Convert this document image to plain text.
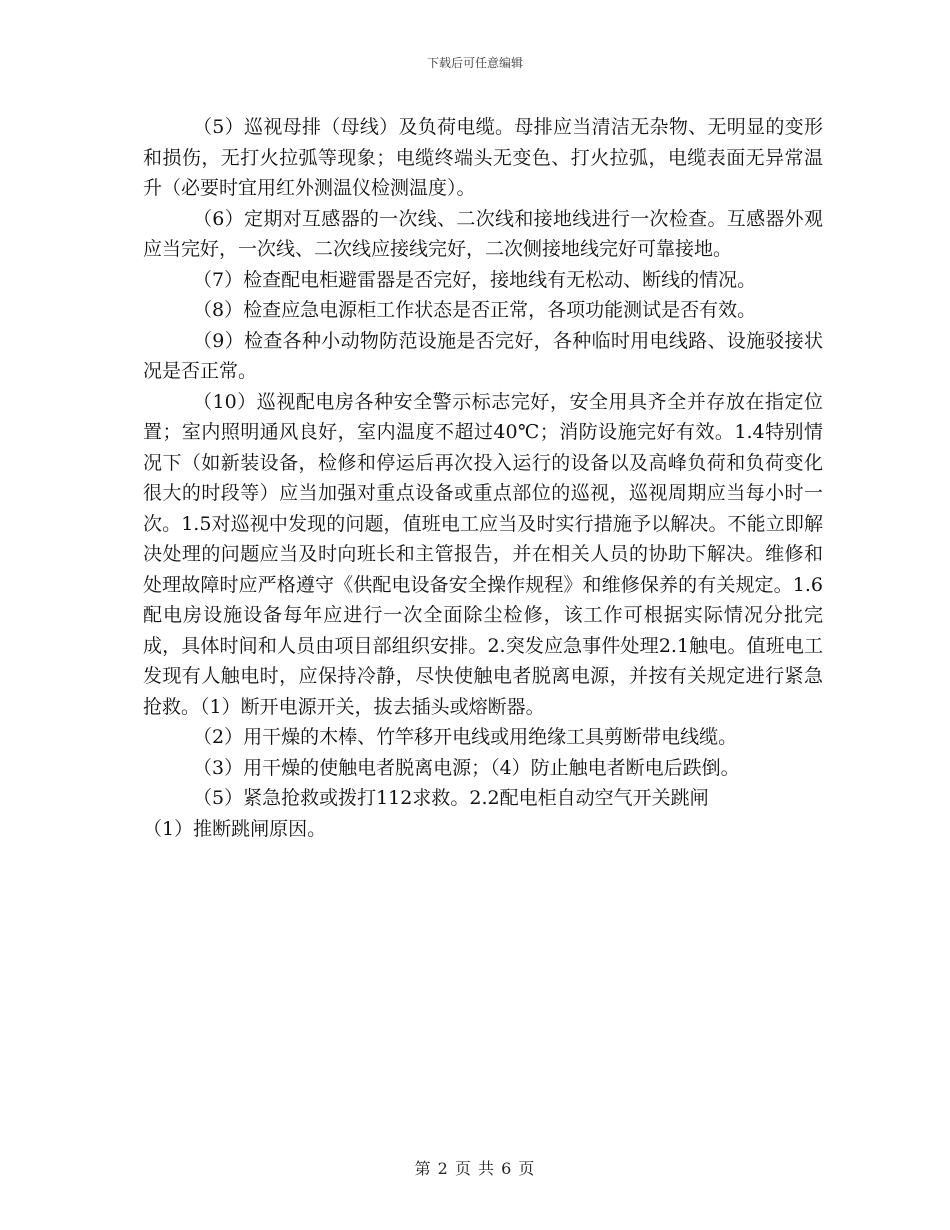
下载后可任意编辑

（5）巡视母排（母线）及负荷电缆。母排应当清洁无杂物、无明显的变形和损伤，无打火拉弧等现象；电缆终端头无变色、打火拉弧，电缆表面无异常温升（必要时宜用红外测温仪检测温度）。

（6）定期对互感器的一次线、二次线和接地线进行一次检查。互感器外观应当完好，一次线、二次线应接线完好，二次侧接地线完好可靠接地。

（7）检查配电柜避雷器是否完好，接地线有无松动、断线的情况。

（8）检查应急电源柜工作状态是否正常，各项功能测试是否有效。

（9）检查各种小动物防范设施是否完好，各种临时用电线路、设施驳接状况是否正常。

（10）巡视配电房各种安全警示标志完好，安全用具齐全并存放在指定位置；室内照明通风良好，室内温度不超过40℃；消防设施完好有效。1.4特别情况下（如新装设备，检修和停运后再次投入运行的设备以及高峰负荷和负荷变化很大的时段等）应当加强对重点设备或重点部位的巡视，巡视周期应当每小时一次。1.5对巡视中发现的问题，值班电工应当及时实行措施予以解决。不能立即解决处理的问题应当及时向班长和主管报告，并在相关人员的协助下解决。维修和处理故障时应严格遵守《供配电设备安全操作规程》和维修保养的有关规定。1.6配电房设施设备每年应进行一次全面除尘检修，该工作可根据实际情况分批完成，具体时间和人员由项目部组织安排。2.突发应急事件处理2.1触电。值班电工发现有人触电时，应保持冷静，尽快使触电者脱离电源，并按有关规定进行紧急抢救。（1）断开电源开关，拔去插头或熔断器。

（2）用干燥的木棒、竹竿移开电线或用绝缘工具剪断带电线缆。

（3）用干燥的使触电者脱离电源；（4）防止触电者断电后跌倒。

（5）紧急抢救或拨打112求救。2.2配电柜自动空气开关跳闸

（1）推断跳闸原因。

第 2 页 共 6 页
